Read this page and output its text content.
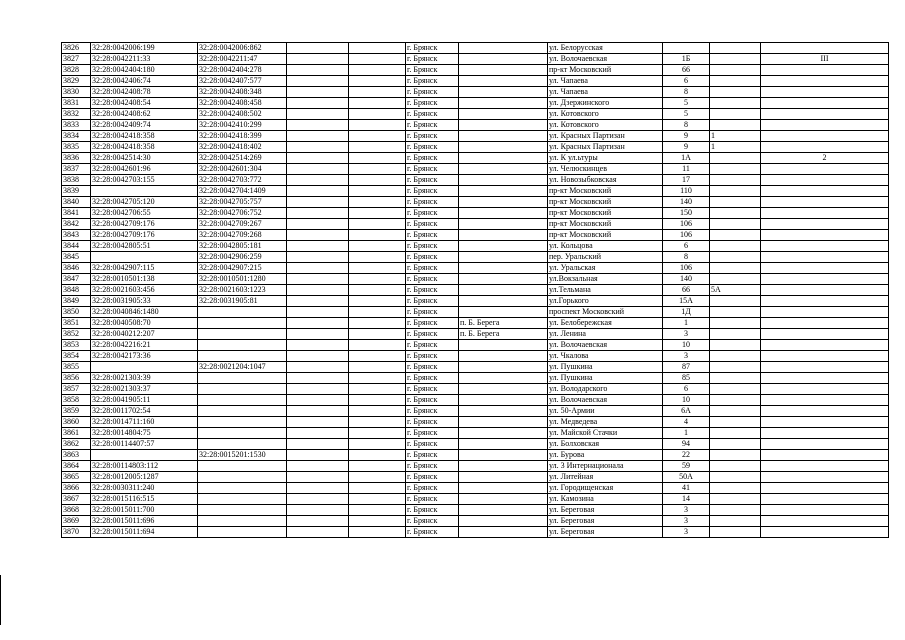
3826	32:28:0042006:199	32:28:0042006:862			г. Брянск		ул. Белорусская			
3827	32:28:0042211:33	32:28:0042211:47			г. Брянск		ул. Волочаевская	1Б		III
3828	32:28:0042404:180	32:28:0042404:278			г. Брянск		пр-кт Московский	66		
3829	32:28:0042406:74	32:28:0042407:577			г. Брянск		ул. Чапаева	6		
3830	32:28:0042408:78	32:28:0042408:348			г. Брянск		ул. Чапаева	8		
3831	32:28:0042408:54	32:28:0042408:458			г. Брянск		ул. Дзержинского	5		
3832	32:28:0042408:62	32:28:0042408:502			г. Брянск		ул. Котовского	5		
3833	32:28:0042409:74	32:28:0042410:299			г. Брянск		ул. Котовского	8		
3834	32:28:0042418:358	32:28:0042418:399			г. Брянск		ул. Красных Партизан	9	1	
3835	32:28:0042418:358	32:28:0042418:402			г. Брянск		ул. Красных Партизан	9	1	
3836	32:28:0042514:30	32:28:0042514:269			г. Брянск		ул. К ул.ьтуры	1А		2
3837	32:28:0042601:96	32:28:0042601:304			г. Брянск		ул. Челюскинцев	11		
3838	32:28:0042703:155	32:28:0042703:772			г. Брянск		ул. Новозыбковская	17		
3839		32:28:0042704:1409			г. Брянск		пр-кт Московский	110		
3840	32:28:0042705:120	32:28:0042705:757			г. Брянск		пр-кт Московский	140		
3841	32:28:0042706:55	32:28:0042706:752			г. Брянск		пр-кт Московский	150		
3842	32:28:0042709:176	32:28:0042709:267			г. Брянск		пр-кт Московский	106		
3843	32:28:0042709:176	32:28:0042709:268			г. Брянск		пр-кт Московский	106		
3844	32:28:0042805:51	32:28:0042805:181			г. Брянск		ул. Кольцова	6		
3845		32:28:0042906:259			г. Брянск		пер. Уральский	8		
3846	32:28:0042907:115	32:28:0042907:215			г. Брянск		ул. Уральская	106		
3847	32:28:0010501:138	32:28:0010501:1280			г. Брянск		ул.Вокзальная	140		
3848	32:28:0021603:456	32:28:0021603:1223			г. Брянск		ул.Тельмана	66	5А	
3849	32:28:0031905:33	32:28:0031905:81			г. Брянск		ул.Горького	15А		
3850	32:28:0040846:1480				г. Брянск		проспект Московский	1Д		
3851	32:28:0040508:70				г. Брянск	п. Б. Берега	ул. Белобережская	1		
3852	32:28:0040212:207				г. Брянск	п. Б. Берега	ул. Ленина	3		
3853	32:28:0042216:21				г. Брянск		ул. Волочаевская	10		
3854	32:28:0042173:36				г. Брянск		ул. Чкалова	3		
3855		32:28:0021204:1047			г. Брянск		ул. Пушкина	87		
3856	32:28:0021303:39				г. Брянск		ул. Пушкина	85		
3857	32:28:0021303:37				г. Брянск		ул. Володарского	6		
3858	32:28:0041905:11				г. Брянск		ул. Волочаевская	10		
3859	32:28:0011702:54				г. Брянск		ул. 50-Армии	6А		
3860	32:28:0014711:160				г. Брянск		ул. Медведева	4		
3861	32:28:0014804:75				г. Брянск		ул. Майской Стачки	1		
3862	32:28:00114407:57				г. Брянск		ул. Болховская	94		
3863		32:28:0015201:1530			г. Брянск		ул. Бурова	22		
3864	32:28:00114803:112				г. Брянск		ул. 3 Интернационала	59		
3865	32:28:0012005:1287				г. Брянск		ул. Литейная	50А		
3866	32:28:0030311:240				г. Брянск		ул. Городищенская	41		
3867	32:28:0015116:515				г. Брянск		ул. Камозина	14		
3868	32:28:0015011:700				г. Брянск		ул. Береговая	3		
3869	32:28:0015011:696				г. Брянск		ул. Береговая	3		
3870	32:28:0015011:694				г. Брянск		ул. Береговая	3		
